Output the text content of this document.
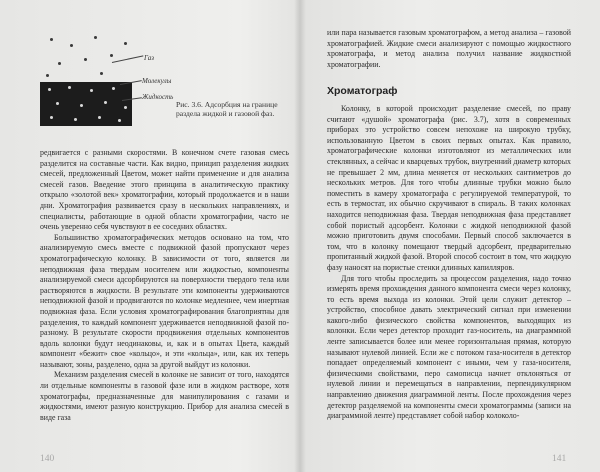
Газ
Молекулы
Жидкость
Рис. 3.6. Адсорбция на границе раздела жидкой и газовой фаз.

редвигается с разными скоростями. В конечном счете газовая смесь разделится на составные части. Как видно, принцип разделения жидких смесей, предложенный Цветом, может найти применение и для анализа смесей газов. Введение этого принципа в аналитическую практику открыло «золотой век» хроматографии, который продолжается и в наши дни. Хроматография развивается сразу в нескольких направлениях, и специалисты, работающие в одной области хроматографии, часто не очень уверенно себя чувствуют в ее соседних областях.

Большинство хроматографических методов основано на том, что анализируемую смесь вместе с подвижной фазой пропускают через хроматографическую колонку. В зависимости от того, является ли неподвижная фаза твердым носителем или жидкостью, компоненты анализируемой смеси адсорбируются на поверхности твердого тела или растворяются в жидкости. В результате эти компоненты удерживаются неподвижной фазой и продвигаются по колонке медленнее, чем инертная подвижная фаза. Если условия хроматографирования благоприятны для разделения, то каждый компонент удерживается неподвижной фазой по-разному. В результате скорости продвижения отдельных компонентов вдоль колонки будут неодинаковы, и, как и в опытах Цвета, каждый компонент «бежит» свое «кольцо», и эти «кольца», или, как их теперь называют, зоны, разделено, одна за другой выйдут из колонки.

Механизм разделения смесей в колонке не зависит от того, находятся ли отдельные компоненты в газовой фазе или в жидком растворе, хотя хроматографы, предназначенные для манипулирования с газами и жидкостями, имеют разную конструкцию. Прибор для анализа смесей в виде газа

140

или пара называется газовым хроматографом, а метод анализа – газовой хроматографией. Жидкие смеси анализируют с помощью жидкостного хроматографа, и метод анализа получил название жидкостной хроматографии.

Хроматограф

Колонку, в которой происходит разделение смесей, по праву считают «душой» хроматографа (рис. 3.7), хотя в современных приборах это устройство совсем непохоже на широкую трубку, использованную Цветом в своих первых опытах. Как правило, хроматографические колонки изготовляют из металлических или стеклянных, а сейчас и кварцевых трубок, внутренний диаметр которых не превышает 2 мм, длина меняется от нескольких сантиметров до нескольких метров. Для того чтобы длинные трубки можно было поместить в камеру хроматографа с регулируемой температурой, то есть в термостат, их обычно скручивают в спираль. В таких колонках находится неподвижная фаза. Твердая неподвижная фаза представляет собой пористый адсорбент. Колонки с жидкой неподвижной фазой можно приготовить двумя способами. Первый способ заключается в том, что в колонку помещают твердый адсорбент, предварительно пропитанный жидкой фазой. Второй способ состоит в том, что жидкую фазу наносят на пористые стенки длинных капилляров.

Для того чтобы проследить за процессом разделения, надо точно измерять время прохождения данного компонента смеси через колонку, то есть время выхода из колонки. Этой цели служит детектор – устройство, способное давать электрический сигнал при изменении какого-либо физического свойства компонентов, выходящих из колонки. Если через детектор проходит газ-носитель, на диаграммной ленте записывается более или менее горизонтальная прямая, которую называют нулевой линией. Если же с потоком газа-носителя в детектор попадает определяемый компонент с иными, чем у газа-носителя, физическими свойствами, перо самописца начнет отклоняться от нулевой линии и перемещаться в направлении, перпендикулярном направлению движения диаграммной ленты. После прохождения через детектор разделяемой на компоненты смеси хроматограммы (записи на диаграммной ленте) представляет собой набор колоколо-

141
